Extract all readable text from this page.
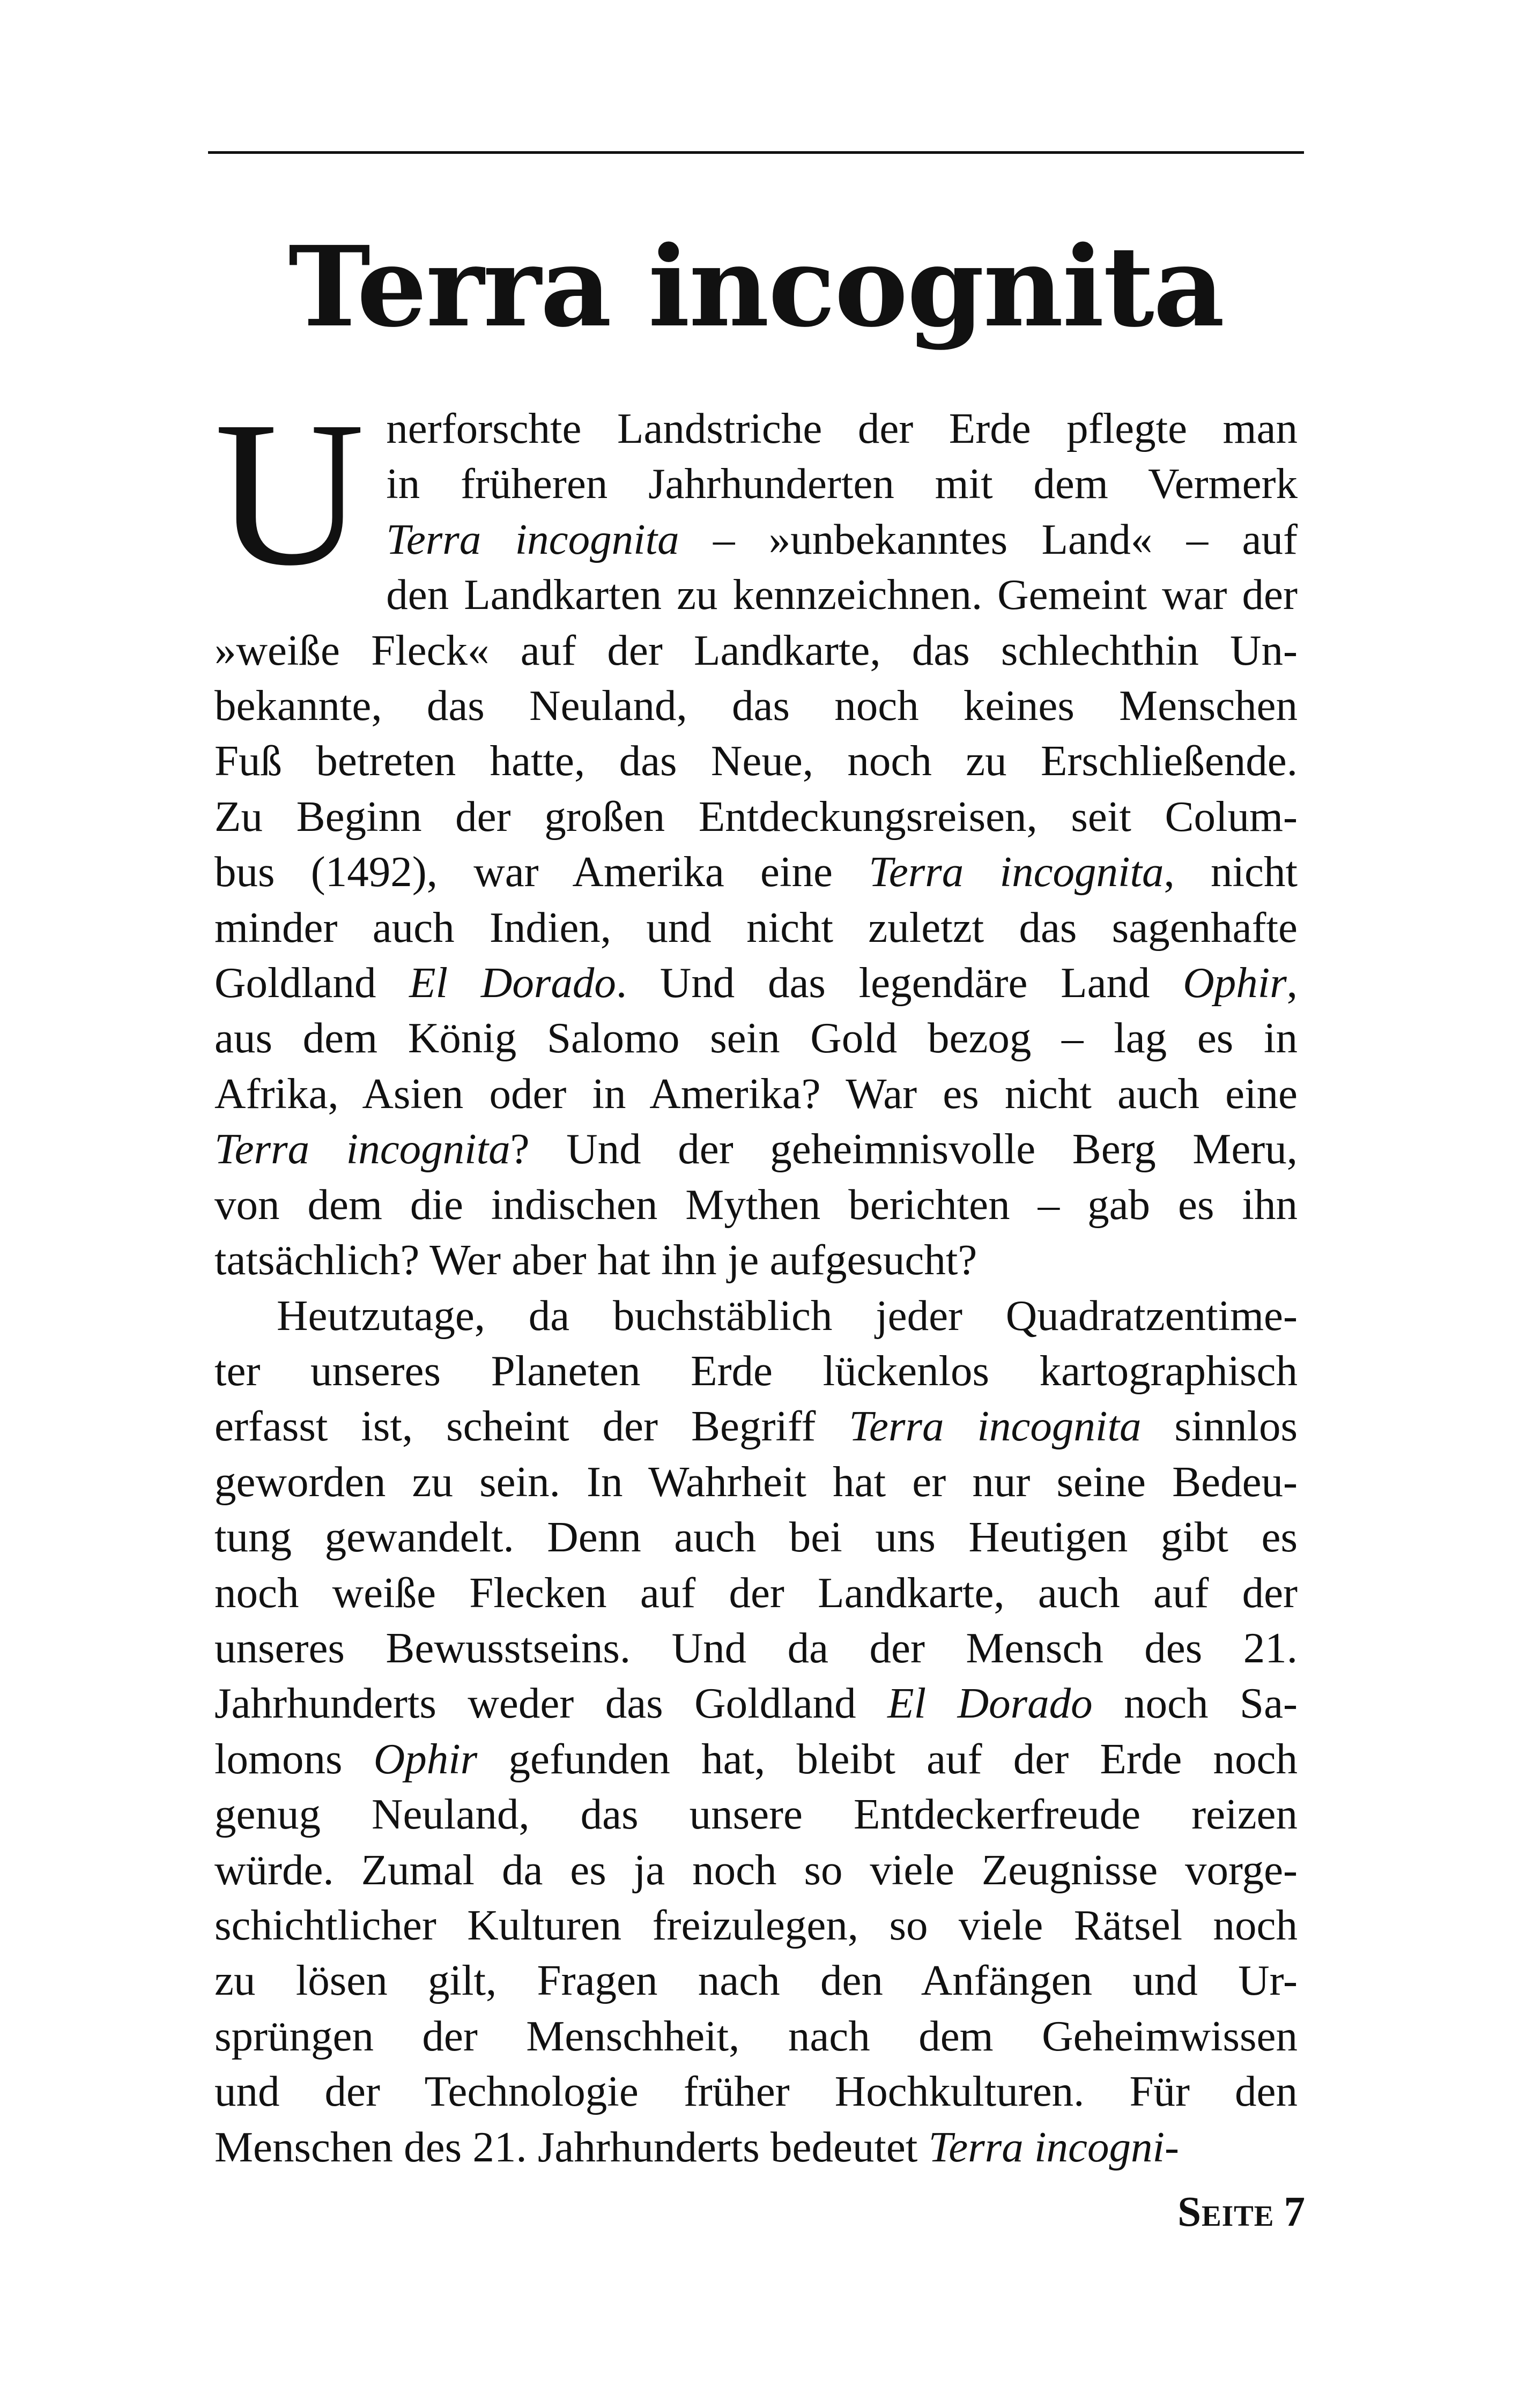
Terra incognita
U nerforschte Landstriche der Erde pflegte man

in früheren Jahrhunderten mit dem Vermerk

Terra incognita – »unbekanntes Land« – auf

den Landkarten zu kennzeichnen. Gemeint war der

»weiße Fleck« auf der Landkarte, das schlechthin Un-

bekannte, das Neuland, das noch keines Menschen

Fuß betreten hatte, das Neue, noch zu Erschließende.

Zu Beginn der großen Entdeckungsreisen, seit Colum-

bus (1492), war Amerika eine Terra incognita, nicht

minder auch Indien, und nicht zuletzt das sagenhafte

Goldland El Dorado. Und das legendäre Land Ophir,

aus dem König Salomo sein Gold bezog – lag es in

Afrika, Asien oder in Amerika? War es nicht auch eine

Terra incognita? Und der geheimnisvolle Berg Meru,

von dem die indischen Mythen berichten – gab es ihn

tatsächlich? Wer aber hat ihn je aufgesucht?

Heutzutage, da buchstäblich jeder Quadratzentime-

ter unseres Planeten Erde lückenlos kartographisch

erfasst ist, scheint der Begriff Terra incognita sinnlos

geworden zu sein. In Wahrheit hat er nur seine Bedeu-

tung gewandelt. Denn auch bei uns Heutigen gibt es

noch weiße Flecken auf der Landkarte, auch auf der

unseres Bewusstseins. Und da der Mensch des 21.

Jahrhunderts weder das Goldland El Dorado noch Sa-

lomons Ophir gefunden hat, bleibt auf der Erde noch

genug Neuland, das unsere Entdeckerfreude reizen

würde. Zumal da es ja noch so viele Zeugnisse vorge-

schichtlicher Kulturen freizulegen, so viele Rätsel noch

zu lösen gilt, Fragen nach den Anfängen und Ur-

sprüngen der Menschheit, nach dem Geheimwissen

und der Technologie früher Hochkulturen. Für den

Menschen des 21. Jahrhunderts bedeutet Terra incogni-

Seite 7
